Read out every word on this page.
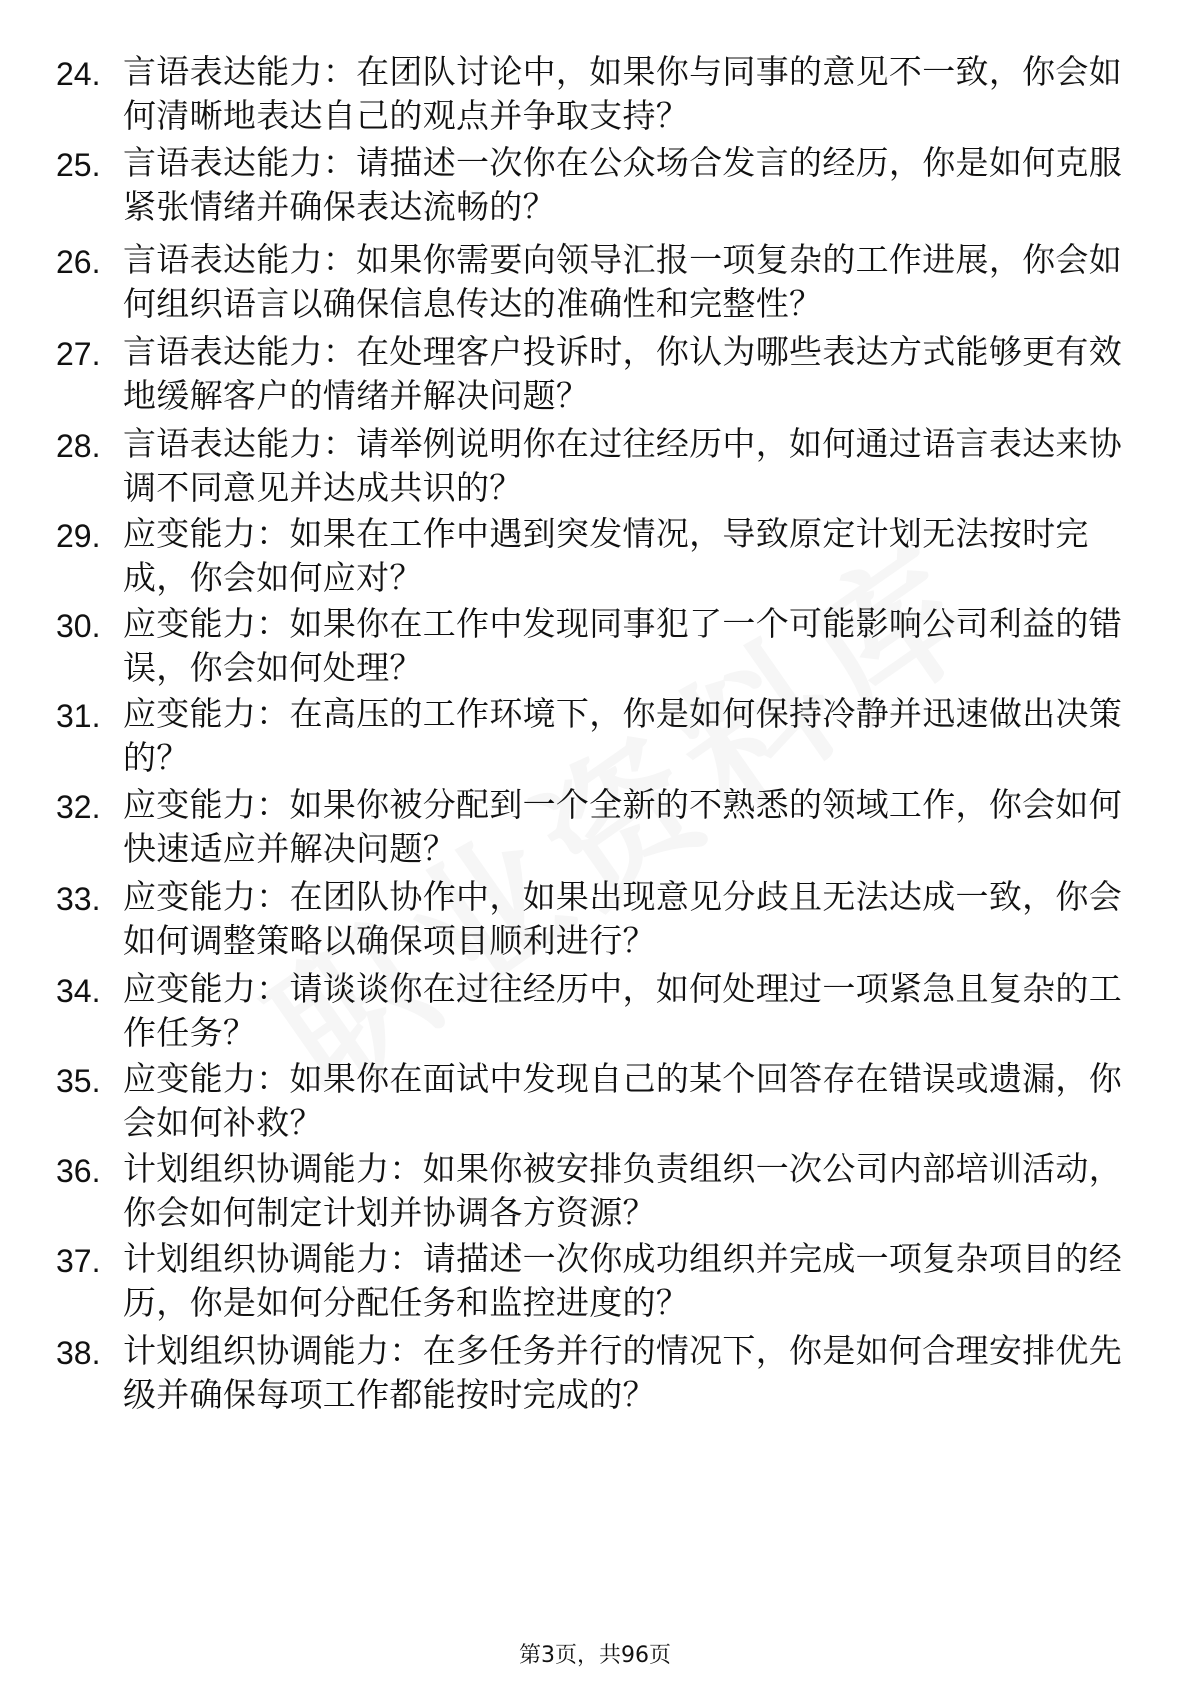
24. 言语表达能力 ： 在团队讨论中，如果你与同事的意见不一致，你会如何清晰地表达自己的观点并争取支持？
25. 言语表达能力 ： 请描述一次你在公众场合发言的经历，你是如何克服紧张情绪并确保表达流畅的？
26. 言语表达能力 ： 如果你需要向领导汇报一项复杂的工作进展，你会如何组织语言以确保信息传达的准确性和完整性？
27. 言语表达能力 ： 在处理客户投诉时，你认为哪些表达方式能够更有效地缓解客户的情绪并解决问题？
28. 言语表达能力 ： 请举例说明你在过往经历中，如何通过语言表达来协调不同意见并达成共识的？
29. 应变能力 ： 如果在工作中遇到突发情况，导致原定计划无法按时完成，你会如何应对？
30. 应变能力 ： 如果你在工作中发现同事犯了一个可能影响公司利益的错误，你会如何处理？
31. 应变能力 ： 在高压的工作环境下，你是如何保持冷静并迅速做出决策的？
32. 应变能力 ： 如果你被分配到一个全新的不熟悉的领域工作，你会如何快速适应并解决问题？
33. 应变能力 ： 在团队协作中，如果出现意见分歧且无法达成一致，你会如何调整策略以确保项目顺利进行？
34. 应变能力 ： 请谈谈你在过往经历中，如何处理过一项紧急且复杂的工作任务？
35. 应变能力 ： 如果你在面试中发现自己的某个回答存在错误或遗漏，你会如何补救？
36. 计划组织协调能力 ： 如果你被安排负责组织一次公司内部培训活动，你会如何制定计划并协调各方资源？
37. 计划组织协调能力 ： 请描述一次你成功组织并完成一项复杂项目的经历，你是如何分配任务和监控进度的？
38. 计划组织协调能力 ： 在多任务并行的情况下，你是如何合理安排优先级并确保每项工作都能按时完成的？
第3页，共96页
